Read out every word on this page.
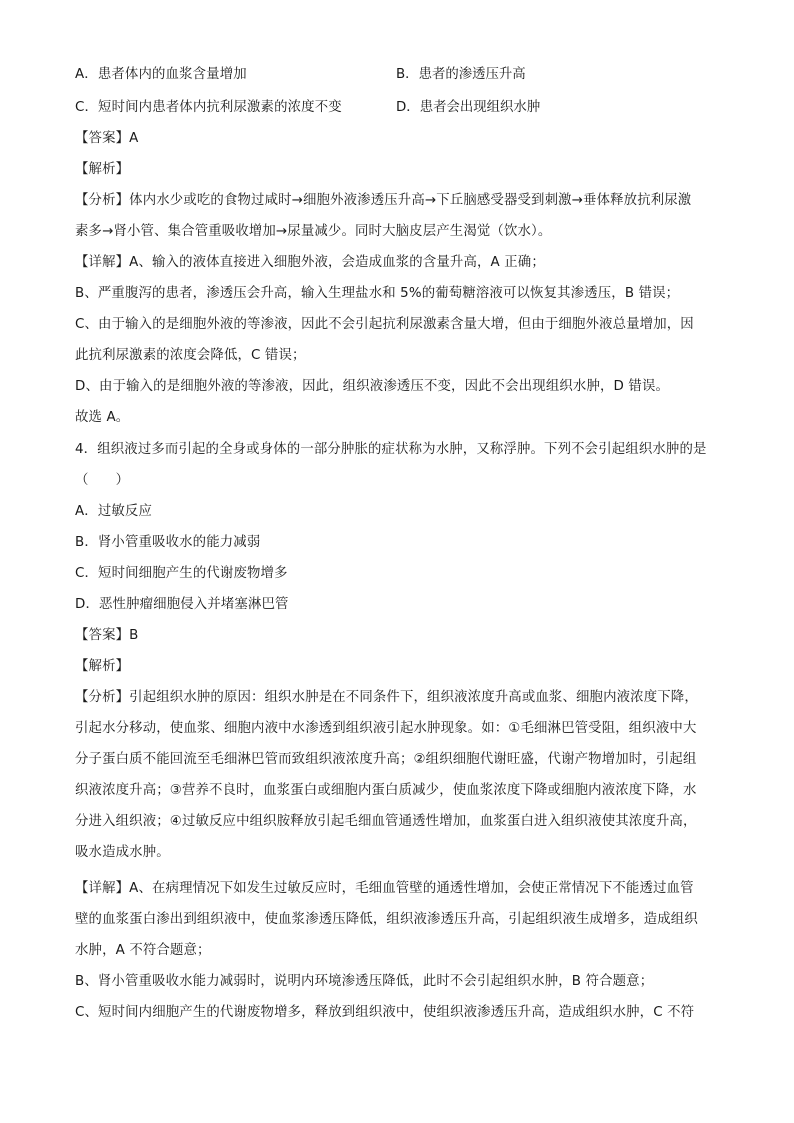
A．患者体内的血浆含量增加	B．患者的渗透压升高
C．短时间内患者体内抗利尿激素的浓度不变	D．患者会出现组织水肿
【答案】A
【解析】
【分析】体内水少或吃的食物过咸时→细胞外液渗透压升高→下丘脑感受器受到刺激→垂体释放抗利尿激
素多→肾小管、集合管重吸收增加→尿量减少。同时大脑皮层产生渴觉（饮水）。
【详解】A、输入的液体直接进入细胞外液，会造成血浆的含量升高，A 正确；
B、严重腹泻的患者，渗透压会升高，输入生理盐水和 5%的葡萄糖溶液可以恢复其渗透压，B 错误；
C、由于输入的是细胞外液的等渗液，因此不会引起抗利尿激素含量大增，但由于细胞外液总量增加，因
此抗利尿激素的浓度会降低，C 错误；
D、由于输入的是细胞外液的等渗液，因此，组织液渗透压不变，因此不会出现组织水肿，D 错误。
故选 A。
4．组织液过多而引起的全身或身体的一部分肿胀的症状称为水肿，又称浮肿。下列不会引起组织水肿的是
（　　）
A．过敏反应
B．肾小管重吸收水的能力减弱
C．短时间细胞产生的代谢废物增多
D．恶性肿瘤细胞侵入并堵塞淋巴管
【答案】B
【解析】
【分析】引起组织水肿的原因：组织水肿是在不同条件下，组织液浓度升高或血浆、细胞内液浓度下降，
引起水分移动，使血浆、细胞内液中水渗透到组织液引起水肿现象。如：①毛细淋巴管受阻，组织液中大
分子蛋白质不能回流至毛细淋巴管而致组织液浓度升高；②组织细胞代谢旺盛，代谢产物增加时，引起组
织液浓度升高；③营养不良时，血浆蛋白或细胞内蛋白质减少，使血浆浓度下降或细胞内液浓度下降，水
分进入组织液；④过敏反应中组织胺释放引起毛细血管通透性增加，血浆蛋白进入组织液使其浓度升高，
吸水造成水肿。
【详解】A、在病理情况下如发生过敏反应时，毛细血管壁的通透性增加，会使正常情况下不能透过血管
壁的血浆蛋白渗出到组织液中，使血浆渗透压降低，组织液渗透压升高，引起组织液生成增多，造成组织
水肿，A 不符合题意；
B、肾小管重吸收水能力减弱时，说明内环境渗透压降低，此时不会引起组织水肿，B 符合题意；
C、短时间内细胞产生的代谢废物增多，释放到组织液中，使组织液渗透压升高，造成组织水肿，C 不符
